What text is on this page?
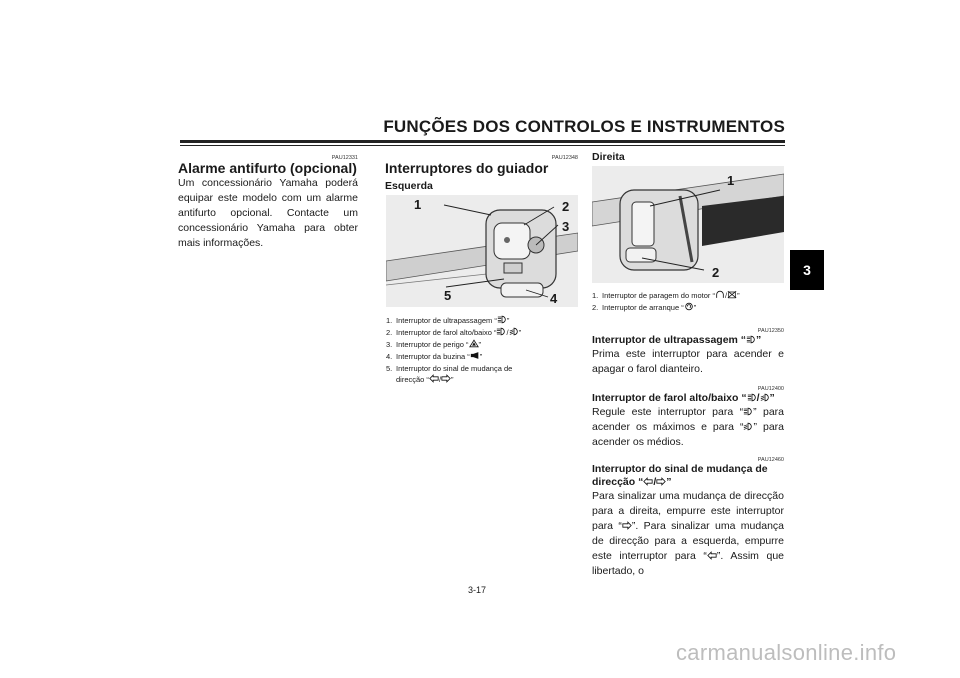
FUNÇÕES DOS CONTROLOS E INSTRUMENTOS
3
PAU12331
Alarme antifurto (opcional)
Um concessionário Yamaha poderá equipar este modelo com um alarme antifurto opcional. Contacte um concessionário Yamaha para obter mais informações.
PAU12348
Interruptores do guiador
Esquerda
1	2
3
4
5
1. Interruptor de ultrapassagem “ ”
2. Interruptor de farol alto/baixo “ / ”
3. Interruptor de perigo “ ”
4. Interruptor da buzina “ ”
5. Interruptor do sinal de mudança de
direcção “ / ”
Direita
1
2
1. Interruptor de paragem do motor “ / ”
2. Interruptor de arranque “ ”
PAU12350
Interruptor de ultrapassagem “ ”
Prima este interruptor para acender e apagar o farol dianteiro.
PAU12400
Interruptor de farol alto/baixo “ / ”
Regule este interruptor para “ ” para acender os máximos e para “ ” para acender os médios.
PAU12460
Interruptor do sinal de mudança de
direcção “ / ”
Para sinalizar uma mudança de direcção para a direita, empurre este interruptor para “ ”. Para sinalizar uma mudança de direcção para a esquerda, empurre este interruptor para “ ”. Assim que libertado, o
3-17
carmanualsonline.info
